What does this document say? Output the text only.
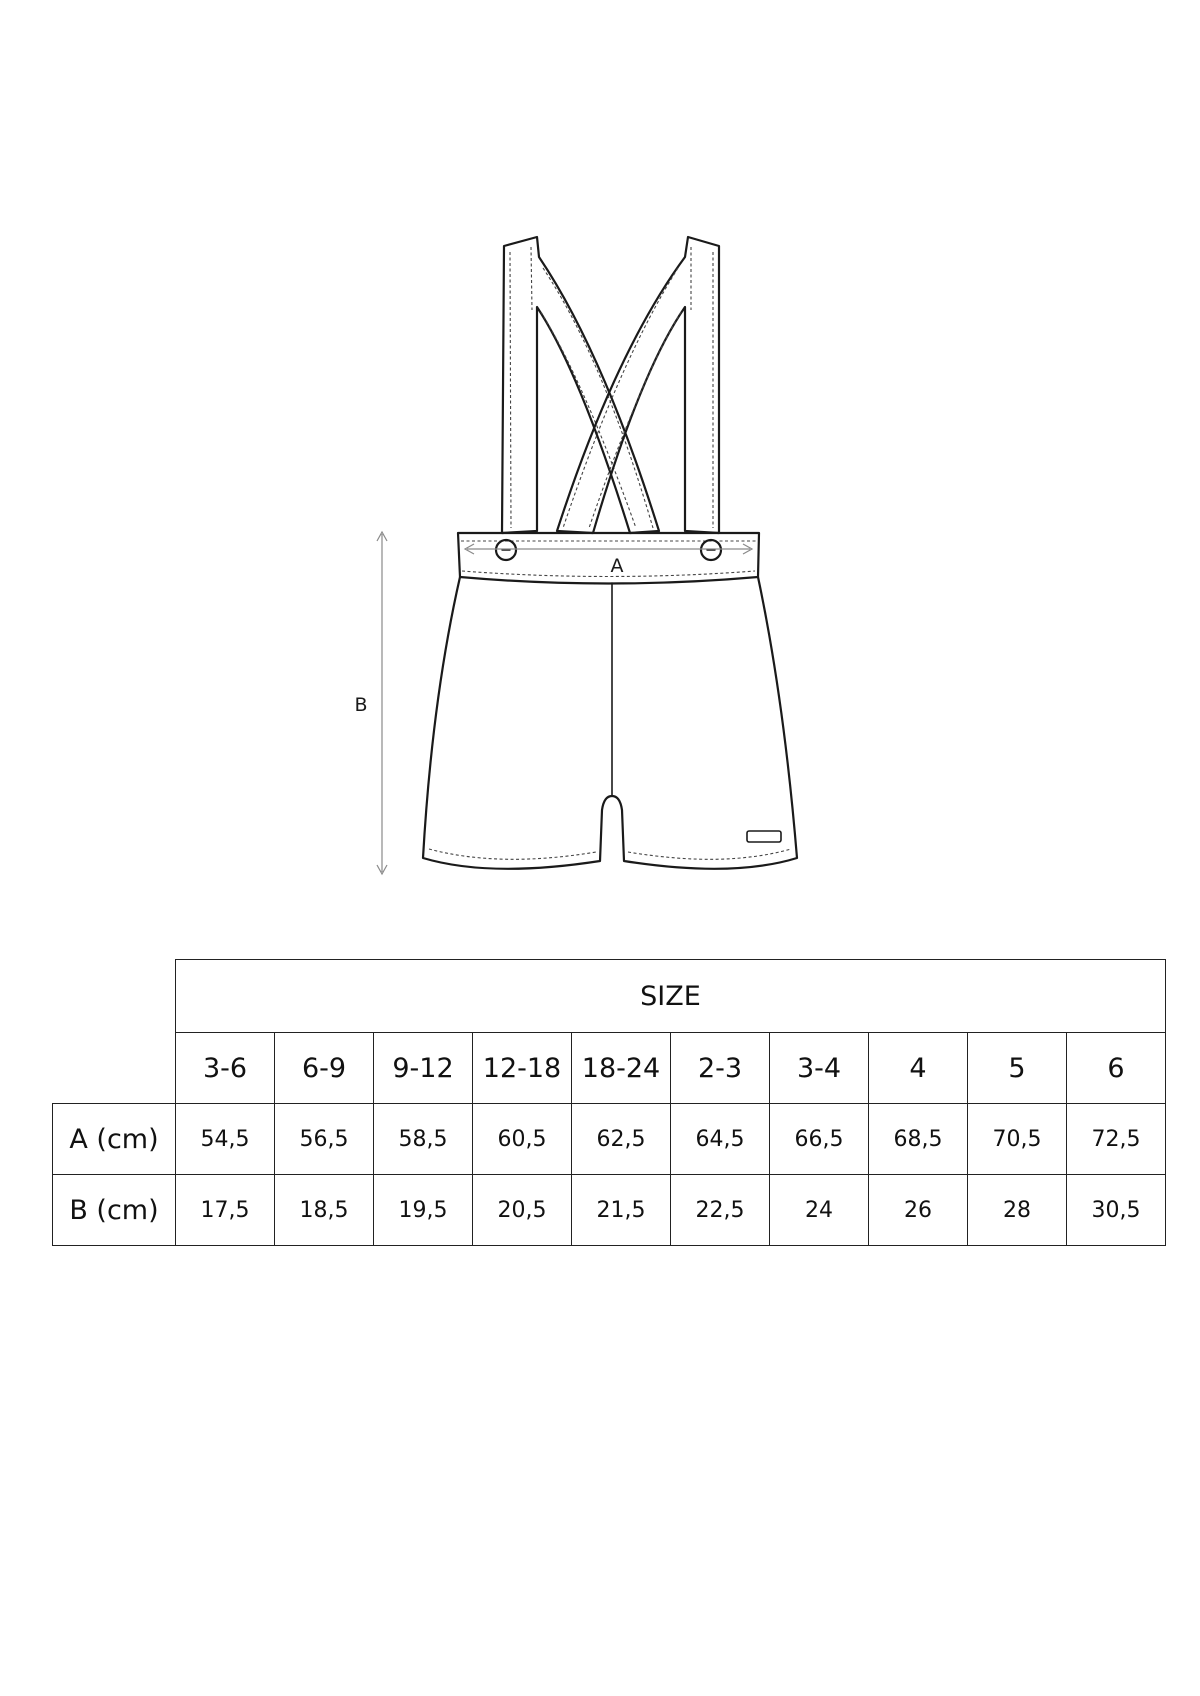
A
B
	SIZE									
	3-6	6-9	9-12	12-18	18-24	2-3	3-4	4	5	6
A (cm)	54,5	56,5	58,5	60,5	62,5	64,5	66,5	68,5	70,5	72,5
B (cm)	17,5	18,5	19,5	20,5	21,5	22,5	24	26	28	30,5
